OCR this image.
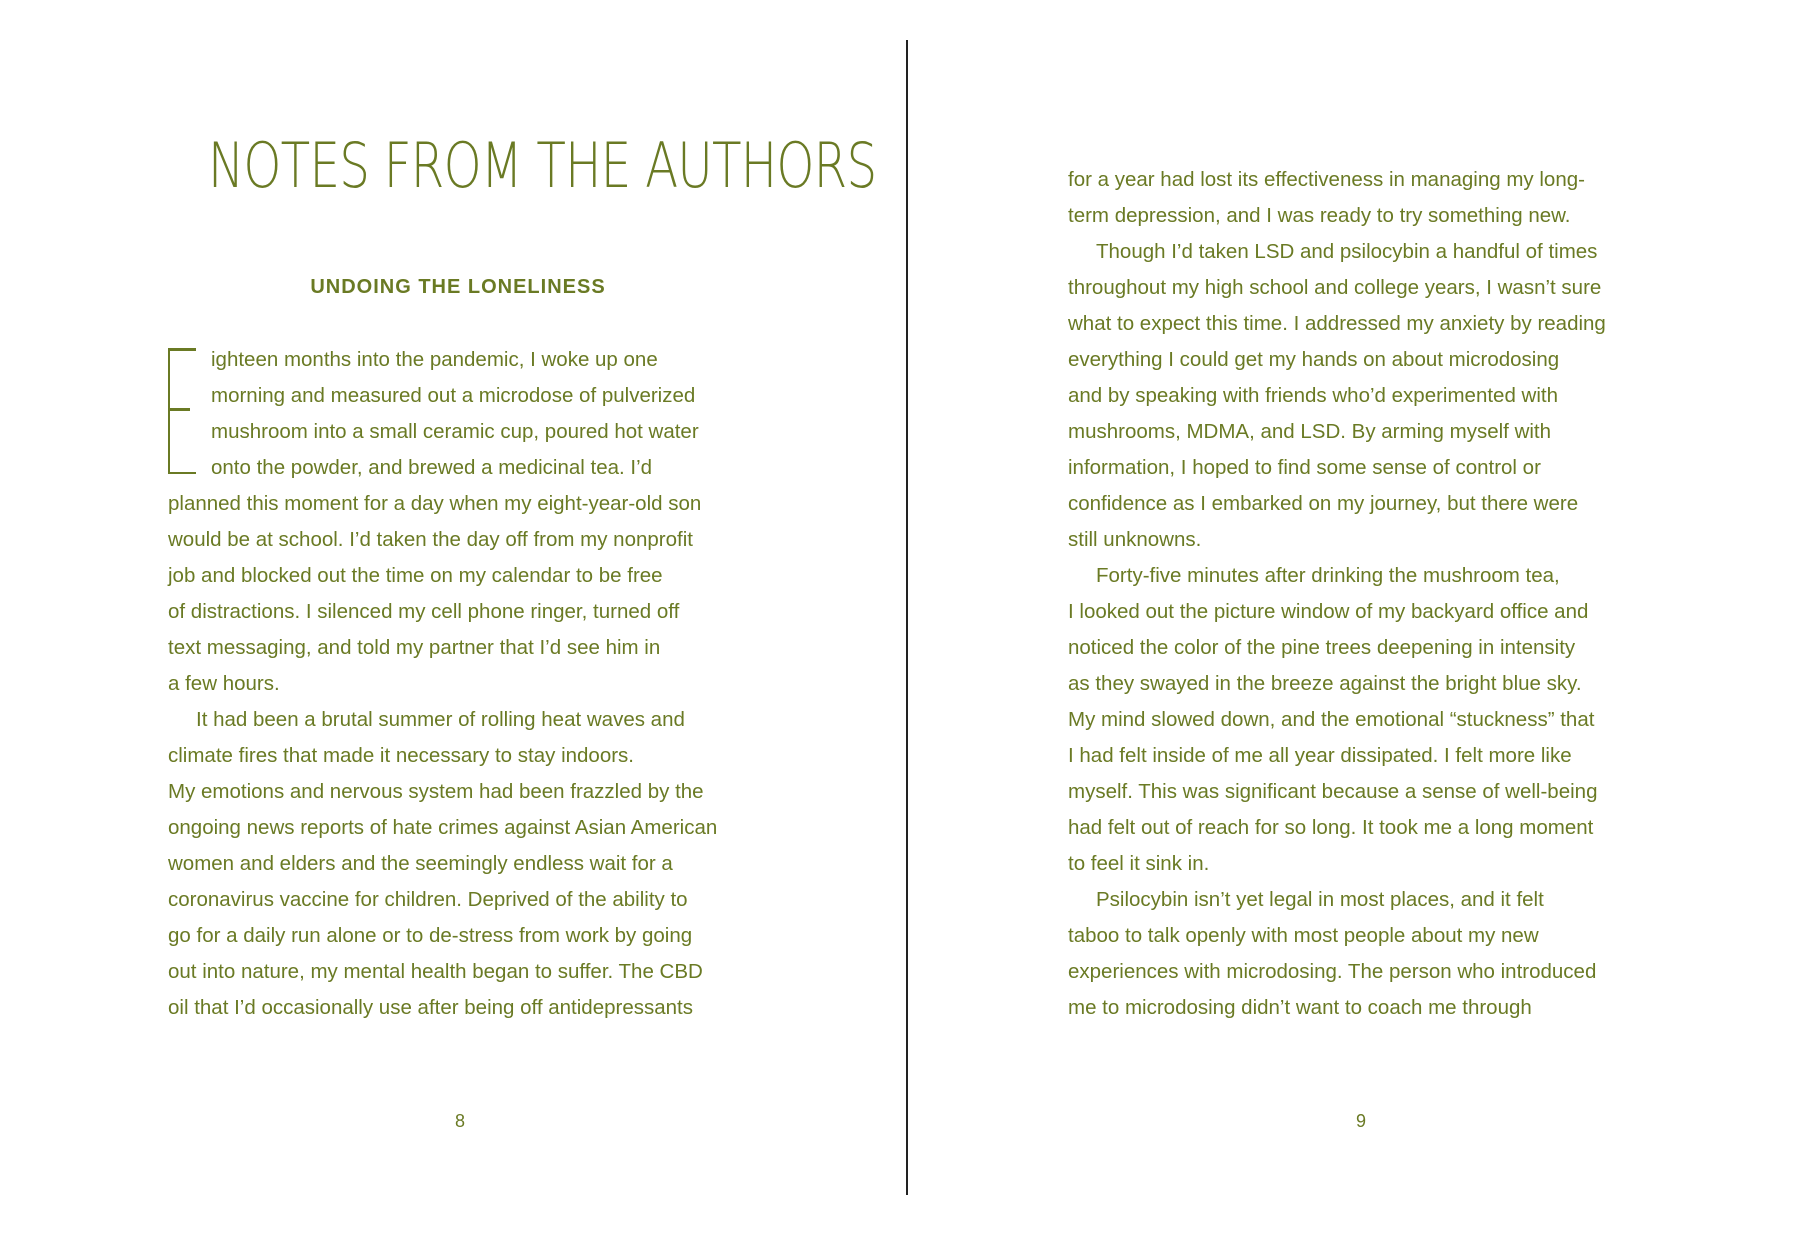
NOTES FROM THE AUTHORS
UNDOING THE LONELINESS
ighteen months into the pandemic, I woke up one
morning and measured out a microdose of pulverized
mushroom into a small ceramic cup, poured hot water
onto the powder, and brewed a medicinal tea. I’d
planned this moment for a day when my eight-year-old son
would be at school. I’d taken the day off from my nonprofit
job and blocked out the time on my calendar to be free
of distractions. I silenced my cell phone ringer, turned off
text messaging, and told my partner that I’d see him in
a few hours.
It had been a brutal summer of rolling heat waves and
climate fires that made it necessary to stay indoors.
My emotions and nervous system had been frazzled by the
ongoing news reports of hate crimes against Asian American
women and elders and the seemingly endless wait for a
coronavirus vaccine for children. Deprived of the ability to
go for a daily run alone or to de-stress from work by going
out into nature, my mental health began to suffer. The CBD
oil that I’d occasionally use after being off antidepressants
8
for a year had lost its effectiveness in managing my long-
term depression, and I was ready to try something new.
Though I’d taken LSD and psilocybin a handful of times
throughout my high school and college years, I wasn’t sure
what to expect this time. I addressed my anxiety by reading
everything I could get my hands on about microdosing
and by speaking with friends who’d experimented with
mushrooms, MDMA, and LSD. By arming myself with
information, I hoped to find some sense of control or
confidence as I embarked on my journey, but there were
still unknowns.
Forty-five minutes after drinking the mushroom tea,
I looked out the picture window of my backyard office and
noticed the color of the pine trees deepening in intensity
as they swayed in the breeze against the bright blue sky.
My mind slowed down, and the emotional “stuckness” that
I had felt inside of me all year dissipated. I felt more like
myself. This was significant because a sense of well-being
had felt out of reach for so long. It took me a long moment
to feel it sink in.
Psilocybin isn’t yet legal in most places, and it felt
taboo to talk openly with most people about my new
experiences with microdosing. The person who introduced
me to microdosing didn’t want to coach me through
9
